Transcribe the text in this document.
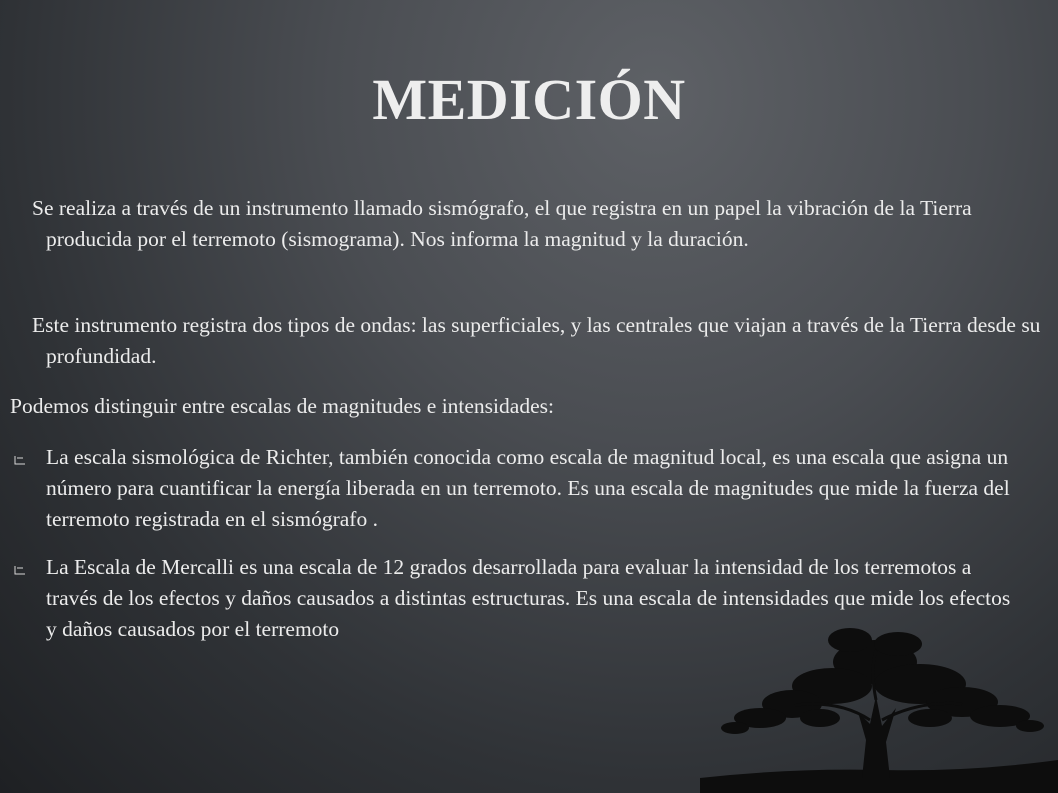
MEDICIÓN

Se realiza a través de un instrumento llamado sismógrafo, el que registra en un papel la vibración de la Tierra producida por el terremoto (sismograma). Nos informa la magnitud y la duración.

Este instrumento registra dos tipos de ondas: las superficiales, y las centrales que viajan a través de la Tierra desde su profundidad.

Podemos distinguir entre escalas de magnitudes e intensidades:

La escala sismológica de Richter, también conocida como escala de magnitud local, es una escala que asigna un número para cuantificar la energía liberada en un terremoto. Es una escala de magnitudes que mide la fuerza del terremoto registrada en el sismógrafo .
La Escala de Mercalli es una escala de 12 grados desarrollada para evaluar la intensidad de los terremotos a través de los efectos y daños causados a distintas estructuras. Es una escala de intensidades que mide los efectos y daños causados por el terremoto
